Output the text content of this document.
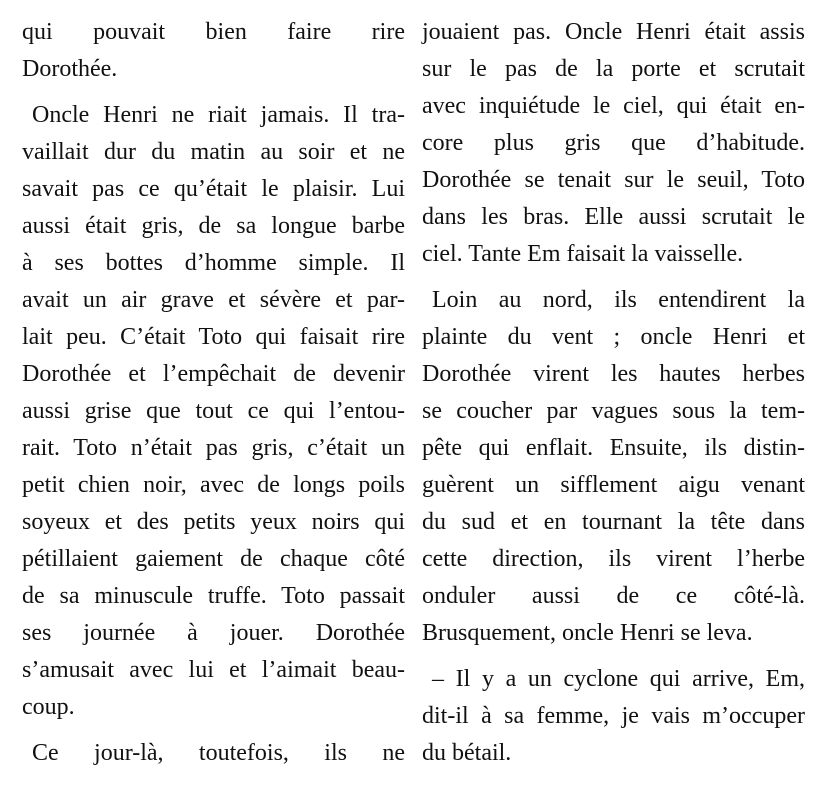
qui pouvait bien faire rire
Dorothée.
Oncle Henri ne riait jamais. Il tra-
vaillait dur du matin au soir et ne
savait pas ce qu’était le plaisir. Lui
aussi était gris, de sa longue barbe
à ses bottes d’homme simple. Il
avait un air grave et sévère et par-
lait peu. C’était Toto qui faisait rire
Dorothée et l’empêchait de devenir
aussi grise que tout ce qui l’entou-
rait. Toto n’était pas gris, c’était un
petit chien noir, avec de longs poils
soyeux et des petits yeux noirs qui
pétillaient gaiement de chaque côté
de sa minuscule truffe. Toto passait
ses journée à jouer. Dorothée
s’amusait avec lui et l’aimait beau-
coup.
Ce jour-là, toutefois, ils ne
jouaient pas. Oncle Henri était assis
sur le pas de la porte et scrutait
avec inquiétude le ciel, qui était en-
core plus gris que d’habitude.
Dorothée se tenait sur le seuil, Toto
dans les bras. Elle aussi scrutait le
ciel. Tante Em faisait la vaisselle.
Loin au nord, ils entendirent la
plainte du vent ; oncle Henri et
Dorothée virent les hautes herbes
se coucher par vagues sous la tem-
pête qui enflait. Ensuite, ils distin-
guèrent un sifflement aigu venant
du sud et en tournant la tête dans
cette direction, ils virent l’herbe
onduler aussi de ce côté-là.
Brusquement, oncle Henri se leva.
– Il y a un cyclone qui arrive, Em,
dit-il à sa femme, je vais m’occuper
du bétail.
